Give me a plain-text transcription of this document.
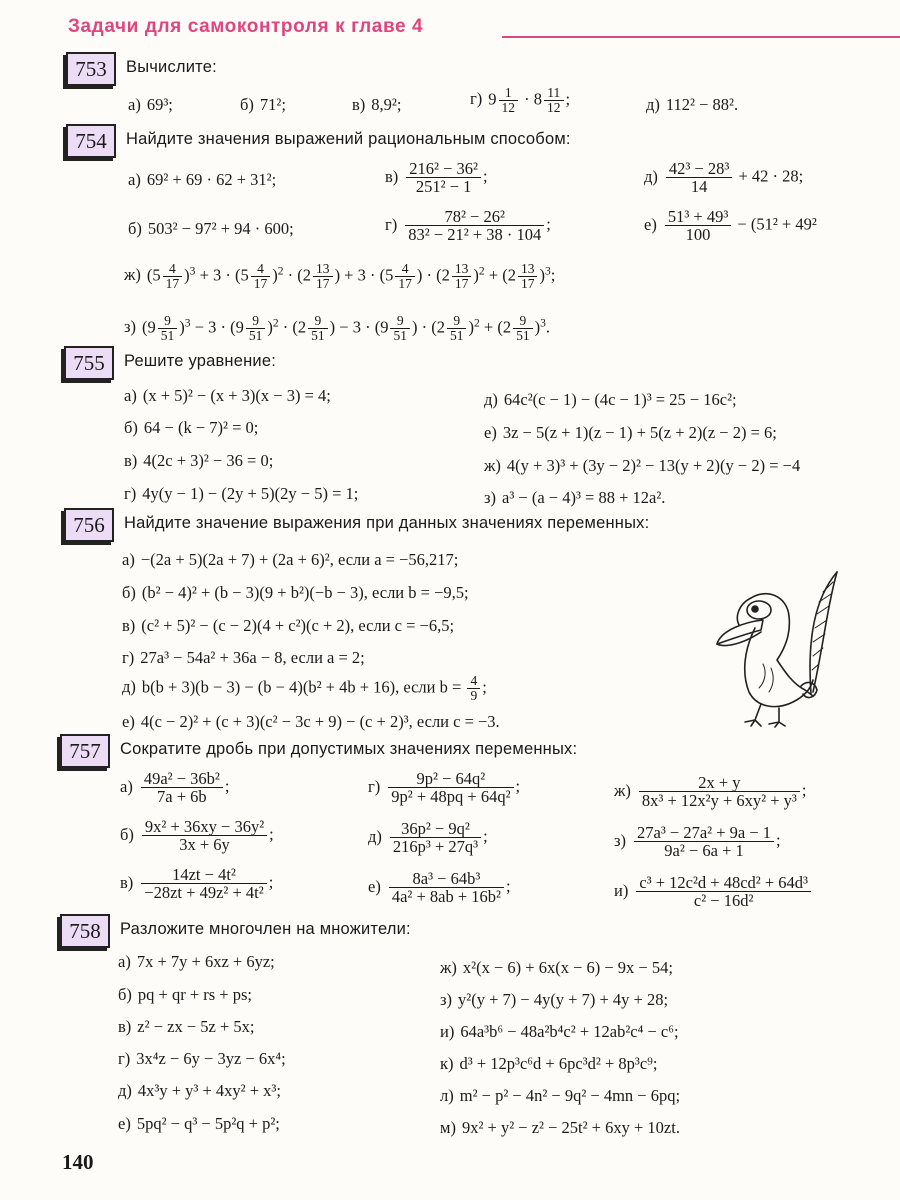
Задачи для самоконтроля к главе 4
753	Вычислите:
а) 69³;	б) 71²;	в) 8,9²;	г) $9 \frac{1}{12} \cdot 8 \frac{11}{12}$ ;	д) 112² − 88².
754	Найдите значения выражений рациональным способом:
а) 69² + 69 · 62 + 31²;	$в) \frac{\text{216² − 36²}}{\text{251² − 1}}$ ;	$д) \frac{\text{42³ − 28³}}{14} + 42 \cdot 28$;
б) 503² − 97² + 94 · 600;	$г) \frac{\text{78² − 26²}}{\text{83² − 21² + 38 · 104}}$ ;	$е) \frac{\text{51³ + 49³}}{100} - (51^2 + 49^2$
ж) $(5 \frac{4}{17} )^3 + 3 \cdot (5 \frac{4}{17} )^2 \cdot (2 \frac{13}{17}$ ) + $3 \cdot (5 \frac{4}{17}$ ) · $(2 \frac{13}{17} )^2 + (2 \frac{13}{17} )^3$;
з) $(9 \frac{9}{51} )^3 - 3 \cdot (9 \frac{9}{51} )^2 \cdot (2 \frac{9}{51}$ ) − $3 \cdot (9 \frac{9}{51}$ ) · $(2 \frac{9}{51} )^2 + (2 \frac{9}{51} )^3$.
755	Решите уравнение:
а) (x + 5)² − (x + 3)(x − 3) = 4;
б) 64 − (k − 7)² = 0;
в) 4(2c + 3)² − 36 = 0;
г) 4y(y − 1) − (2y + 5)(2y − 5) = 1;
д) 64c²(c − 1) − (4c − 1)³ = 25 − 16c²;
е) 3z − 5(z + 1)(z − 1) + 5(z + 2)(z − 2) = 6;
ж) 4(y + 3)³ + (3y − 2)² − 13(y + 2)(y − 2) = −4
з) a³ − (a − 4)³ = 88 + 12a².
756	Найдите значение выражения при данных значениях переменных:
а) −(2a + 5)(2a + 7) + (2a + 6)², если a = −56,217;
б) (b² − 4)² + (b − 3)(9 + b²)(−b − 3), если b = −9,5;
в) (c² + 5)² − (c − 2)(4 + c²)(c + 2), если c = −6,5;
г) 27a³ − 54a² + 36a − 8, если a = 2;
д) b(b + 3)(b − 3) − (b − 4)(b² + 4b + 16), если $b = \frac{4}{9}$ ;
е) 4(c − 2)² + (c + 3)(c² − 3c + 9) − (c + 2)³, если c = −3.
757	Сократите дробь при допустимых значениях переменных:
$а) \frac{\text{49a² − 36b²}}{7a + 6b}$ ;	$г) \frac{\text{9p² − 64q²}}{\text{9p² + 48pq + 64q²}}$ ;	$ж) \frac{2x + y}{\text{8x³ + 12x²y + 6xy² + y³}}$ ;
$б) \frac{\text{9x² + 36xy − 36y²}}{3x + 6y}$ ;	$д) \frac{\text{36p² − 9q²}}{\text{216p³ + 27q³}}$ ;	$з) \frac{\text{27a³ − 27a² + 9a − 1}}{\text{9a² − 6a + 1}}$ ;
$в) \frac{\text{14zt − 4t²}}{\text{−28zt + 49z² + 4t²}}$ ;	$е) \frac{\text{8a³ − 64b³}}{\text{4a² + 8ab + 16b²}}$ ;	$и) \frac{\text{c³ + 12c²d + 48cd² + 64d³}}{\text{c² − 16d²}}$
758	Разложите многочлен на множители:
а) 7x + 7y + 6xz + 6yz;
б) pq + qr + rs + ps;
в) z² − zx − 5z + 5x;
г) 3x⁴z − 6y − 3yz − 6x⁴;
д) 4x³y + y³ + 4xy² + x³;
е) 5pq² − q³ − 5p²q + p²;
ж) x²(x − 6) + 6x(x − 6) − 9x − 54;
з) y²(y + 7) − 4y(y + 7) + 4y + 28;
и) 64a³b⁶ − 48a²b⁴c² + 12ab²c⁴ − c⁶;
к) d³ + 12p³c⁶d + 6pc³d² + 8p³c⁹;
л) m² − p² − 4n² − 9q² − 4mn − 6pq;
м) 9x² + y² − z² − 25t² + 6xy + 10zt.
140
